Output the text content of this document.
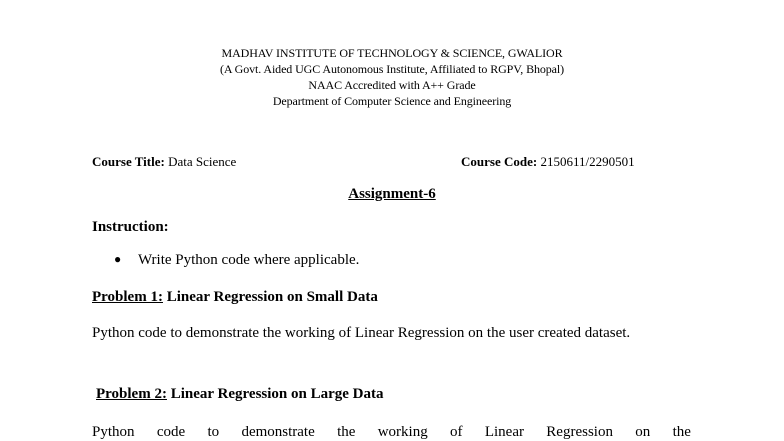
MADHAV INSTITUTE OF TECHNOLOGY & SCIENCE, GWALIOR
(A Govt. Aided UGC Autonomous Institute, Affiliated to RGPV, Bhopal)
NAAC Accredited with A++ Grade
Department of Computer Science and Engineering
Course Title: Data Science	Course Code: 2150611/2290501
Assignment-6
Instruction:
● Write Python code where applicable.
Problem 1: Linear Regression on Small Data
Python code to demonstrate the working of Linear Regression on the user created dataset.
Problem 2: Linear Regression on Large Data
Python code to demonstrate the working of Linear Regression on the
